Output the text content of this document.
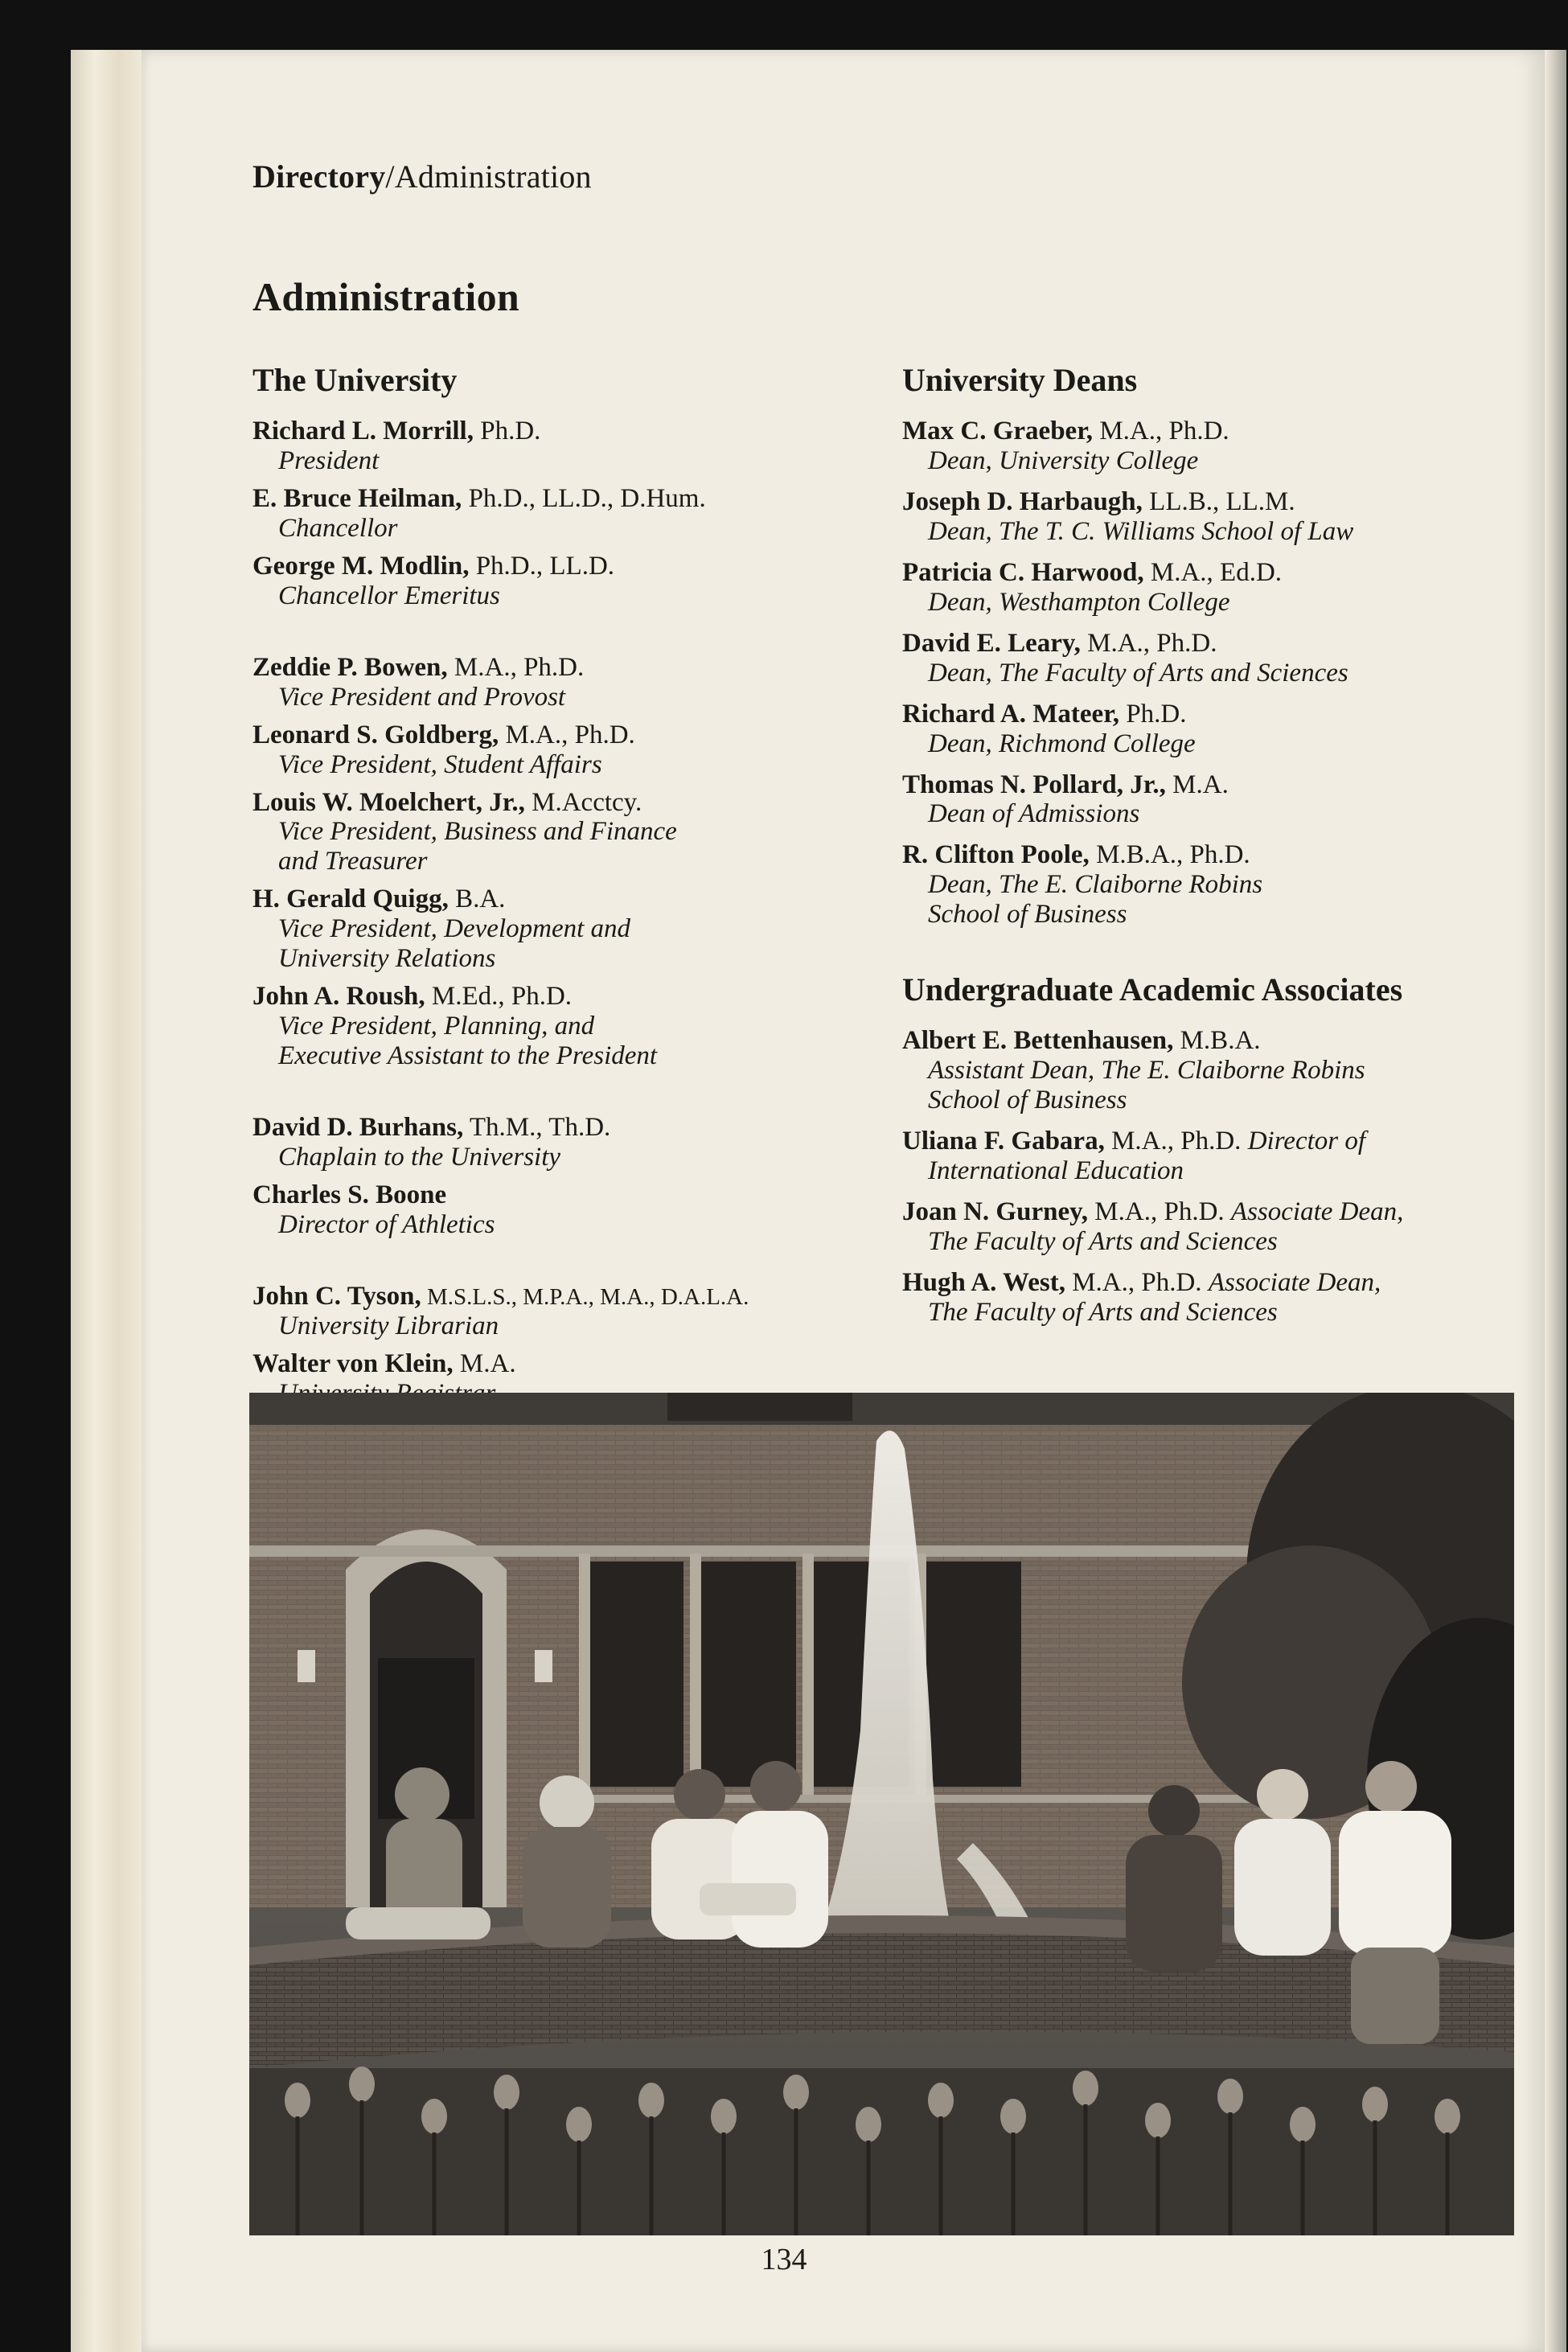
Directory/Administration
Administration
The University
Richard L. Morrill, Ph.D.
President
E. Bruce Heilman, Ph.D., LL.D., D.Hum.
Chancellor
George M. Modlin, Ph.D., LL.D.
Chancellor Emeritus
Zeddie P. Bowen, M.A., Ph.D.
Vice President and Provost
Leonard S. Goldberg, M.A., Ph.D.
Vice President, Student Affairs
Louis W. Moelchert, Jr., M.Acctcy.
Vice President, Business and Finance
and Treasurer
H. Gerald Quigg, B.A.
Vice President, Development and
University Relations
John A. Roush, M.Ed., Ph.D.
Vice President, Planning, and
Executive Assistant to the President
David D. Burhans, Th.M., Th.D.
Chaplain to the University
Charles S. Boone
Director of Athletics
John C. Tyson, M.S.L.S., M.P.A., M.A., D.A.L.A.
University Librarian
Walter von Klein, M.A.
University Deans
Max C. Graeber, M.A., Ph.D.
Dean, University College
Joseph D. Harbaugh, LL.B., LL.M.
Dean, The T. C. Williams School of Law
Patricia C. Harwood, M.A., Ed.D.
Dean, Westhampton College
David E. Leary, M.A., Ph.D.
Dean, The Faculty of Arts and Sciences
Richard A. Mateer, Ph.D.
Dean, Richmond College
Thomas N. Pollard, Jr., M.A.
Dean of Admissions
R. Clifton Poole, M.B.A., Ph.D.
Dean, The E. Claiborne Robins
School of Business
Undergraduate Academic Associates
Albert E. Bettenhausen, M.B.A.
Assistant Dean, The E. Claiborne Robins
School of Business
Uliana F. Gabara, M.A., Ph.D. Director of
International Education
Joan N. Gurney, M.A., Ph.D. Associate Dean,
The Faculty of Arts and Sciences
Hugh A. West, M.A., Ph.D. Associate Dean,
The Faculty of Arts and Sciences
134
